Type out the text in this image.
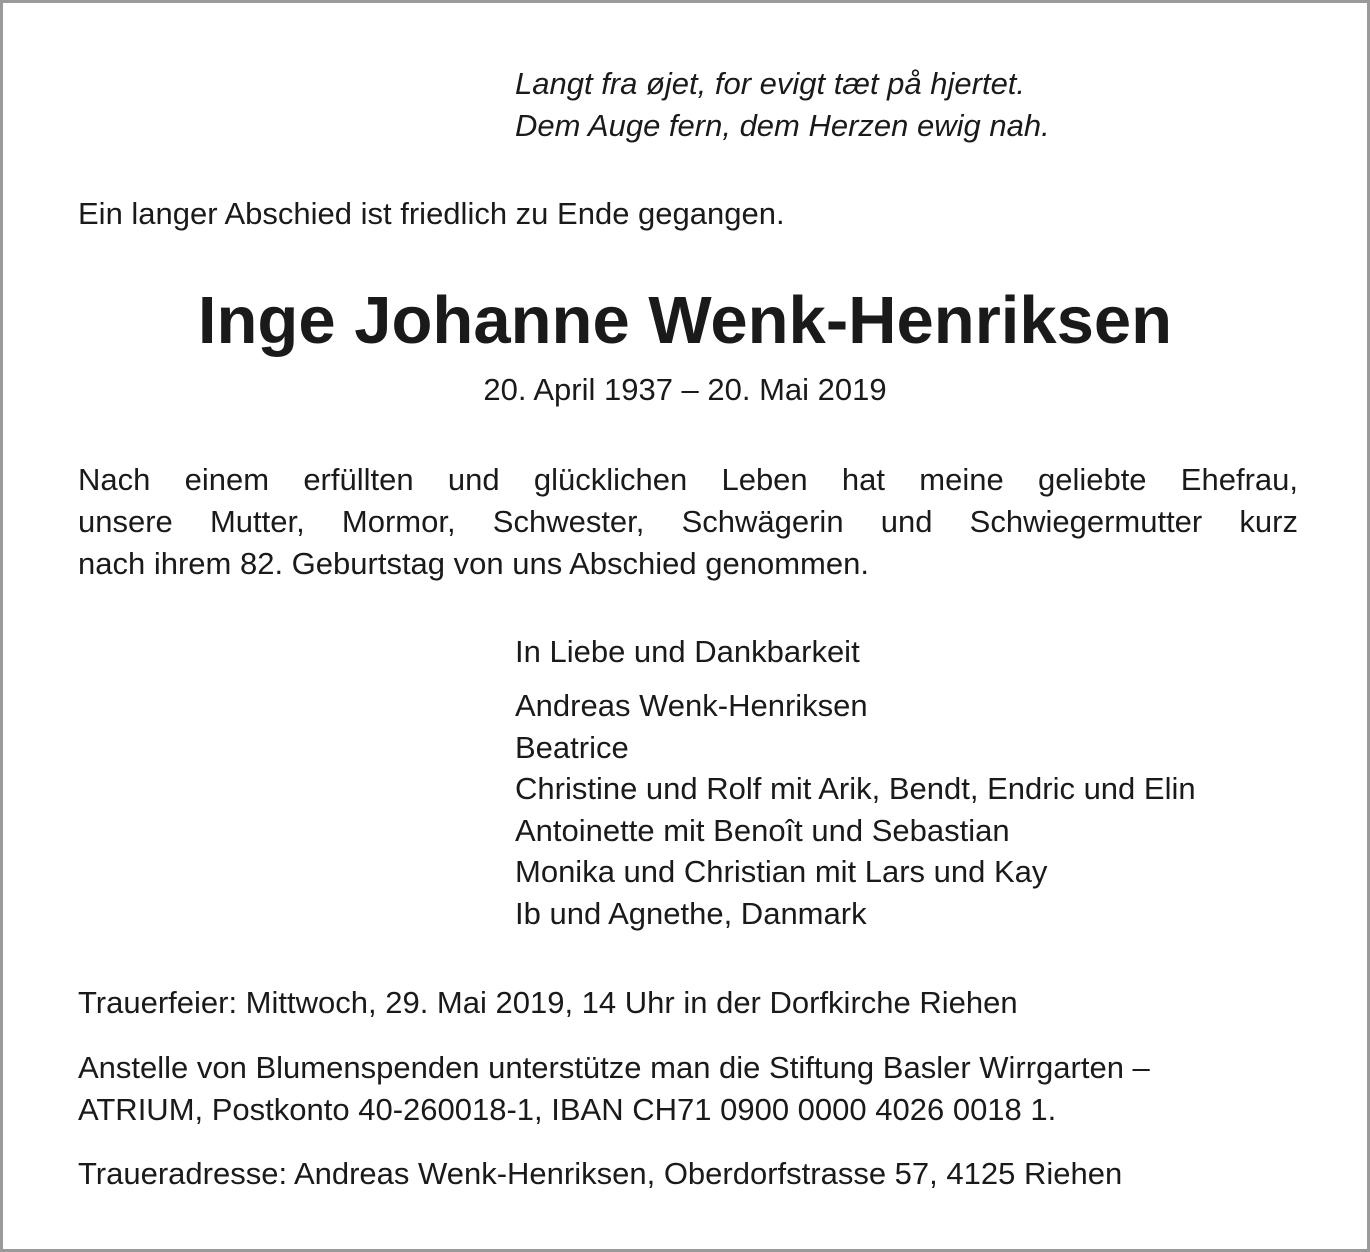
Langt fra øjet, for evigt tæt på hjertet.
Dem Auge fern, dem Herzen ewig nah.

Ein langer Abschied ist friedlich zu Ende gegangen.

Inge Johanne Wenk-Henriksen
20. April 1937 – 20. Mai 2019
Nach einem erfüllten und glücklichen Leben hat meine geliebte Ehefrau,
unsere Mutter, Mormor, Schwester, Schwägerin und Schwiegermutter kurz
nach ihrem 82. Geburtstag von uns Abschied genommen.

In Liebe und Dankbarkeit

Andreas Wenk-Henriksen
Beatrice
Christine und Rolf mit Arik, Bendt, Endric und Elin
Antoinette mit Benoît und Sebastian
Monika und Christian mit Lars und Kay
Ib und Agnethe, Danmark

Trauerfeier: Mittwoch, 29. Mai 2019, 14 Uhr in der Dorfkirche Riehen

Anstelle von Blumenspenden unterstütze man die Stiftung Basler Wirrgarten –
ATRIUM, Postkonto 40-260018-1, IBAN CH71 0900 0000 4026 0018 1.

Traueradresse: Andreas Wenk-Henriksen, Oberdorfstrasse 57, 4125 Riehen
